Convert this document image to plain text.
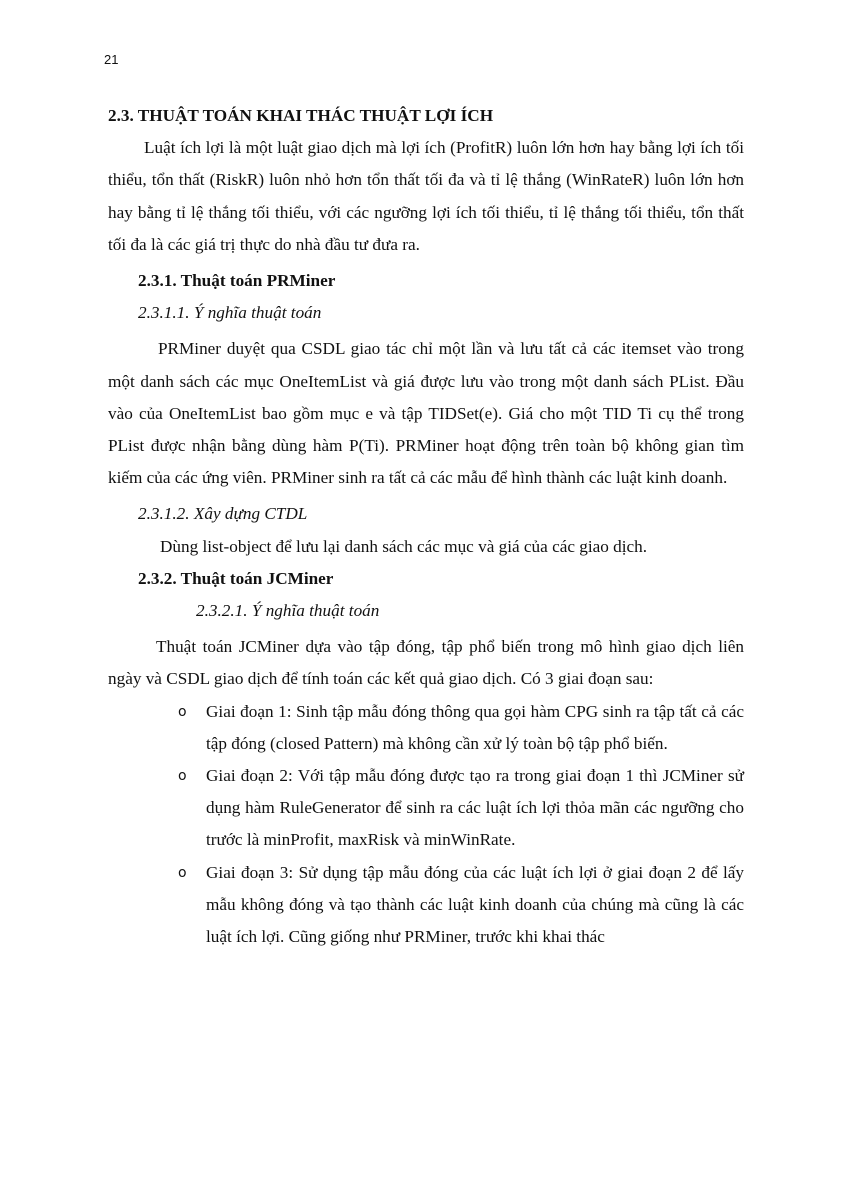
21

2.3. THUẬT TOÁN KHAI THÁC THUẬT LỢI ÍCH

Luật ích lợi là một luật giao dịch mà lợi ích (ProfitR) luôn lớn hơn hay bằng lợi ích tối thiểu, tổn thất (RiskR) luôn nhỏ hơn tổn thất tối đa và tỉ lệ thắng (WinRateR) luôn lớn hơn hay bằng tỉ lệ thắng tối thiểu, với các ngưỡng lợi ích tối thiểu, tỉ lệ thắng tối thiểu, tổn thất tối đa là các giá trị thực do nhà đầu tư đưa ra.

2.3.1. Thuật toán PRMiner

2.3.1.1. Ý nghĩa thuật toán

PRMiner duyệt qua CSDL giao tác chỉ một lần và lưu tất cả các itemset vào trong một danh sách các mục OneItemList và giá được lưu vào trong một danh sách PList. Đầu vào của OneItemList bao gồm mục e và tập TIDSet(e). Giá cho một TID Ti cụ thể trong PList được nhận bằng dùng hàm P(Ti). PRMiner hoạt động trên toàn bộ không gian tìm kiếm của các ứng viên. PRMiner sinh ra tất cả các mẫu để hình thành các luật kinh doanh.

2.3.1.2. Xây dựng CTDL

Dùng list-object để lưu lại danh sách các mục và giá của các giao dịch.

2.3.2. Thuật toán JCMiner

2.3.2.1. Ý nghĩa thuật toán

Thuật toán JCMiner dựa vào tập đóng, tập phổ biến trong mô hình giao dịch liên ngày và CSDL giao dịch để tính toán các kết quả giao dịch. Có 3 giai đoạn sau:

o Giai đoạn 1: Sinh tập mẫu đóng thông qua gọi hàm CPG sinh ra tập tất cả các tập đóng (closed Pattern) mà không cần xử lý toàn bộ tập phổ biến.
o Giai đoạn 2: Với tập mẫu đóng được tạo ra trong giai đoạn 1 thì JCMiner sử dụng hàm RuleGenerator để sinh ra các luật ích lợi thỏa mãn các ngưỡng cho trước là minProfit, maxRisk và minWinRate.
o Giai đoạn 3: Sử dụng tập mẫu đóng của các luật ích lợi ở giai đoạn 2 để lấy mẫu không đóng và tạo thành các luật kinh doanh của chúng mà cũng là các luật ích lợi. Cũng giống như PRMiner, trước khi khai thác
